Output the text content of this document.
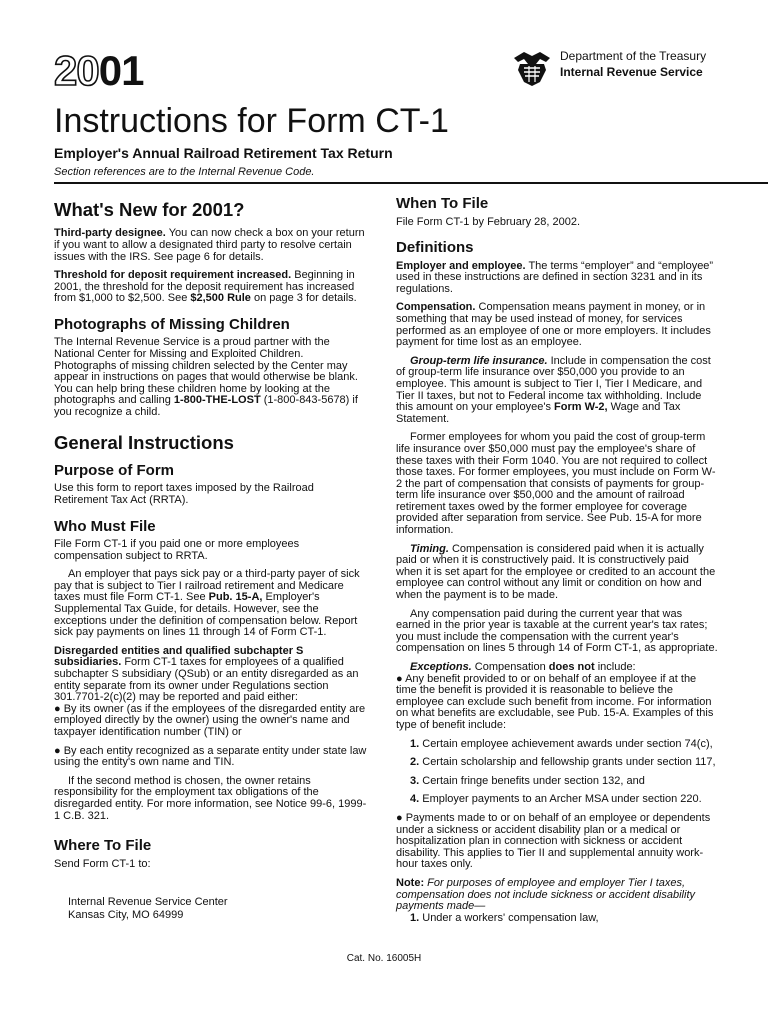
2001	Department of the Treasury
Internal Revenue Service
Instructions for Form CT-1
Employer's Annual Railroad Retirement Tax Return
Section references are to the Internal Revenue Code.
What's New for 2001?

Third-party designee. You can now check a box on your return if you want to allow a designated third party to resolve certain issues with the IRS. See page 6 for details.

Threshold for deposit requirement increased. Beginning in 2001, the threshold for the deposit requirement has increased from $1,000 to $2,500. See $2,500 Rule on page 3 for details.

Photographs of Missing Children

The Internal Revenue Service is a proud partner with the National Center for Missing and Exploited Children. Photographs of missing children selected by the Center may appear in instructions on pages that would otherwise be blank. You can help bring these children home by looking at the photographs and calling 1-800-THE-LOST (1-800-843-5678) if you recognize a child.

General Instructions
Purpose of Form

Use this form to report taxes imposed by the Railroad Retirement Tax Act (RRTA).

Who Must File

File Form CT-1 if you paid one or more employees compensation subject to RRTA.

An employer that pays sick pay or a third-party payer of sick pay that is subject to Tier I railroad retirement and Medicare taxes must file Form CT-1. See Pub. 15-A, Employer's Supplemental Tax Guide, for details. However, see the exceptions under the definition of compensation below. Report sick pay payments on lines 11 through 14 of Form CT-1.

Disregarded entities and qualified subchapter S subsidiaries. Form CT-1 taxes for employees of a qualified subchapter S subsidiary (QSub) or an entity disregarded as an entity separate from its owner under Regulations section 301.7701-2(c)(2) may be reported and paid either:

● By its owner (as if the employees of the disregarded entity are employed directly by the owner) using the owner's name and taxpayer identification number (TIN) or

● By each entity recognized as a separate entity under state law using the entity's own name and TIN.

If the second method is chosen, the owner retains responsibility for the employment tax obligations of the disregarded entity. For more information, see Notice 99-6, 1999-1 C.B. 321.

Where To File

Send Form CT-1 to:

Internal Revenue Service Center
Kansas City, MO 64999
When To File

File Form CT-1 by February 28, 2002.

Definitions

Employer and employee. The terms “employer” and “employee” used in these instructions are defined in section 3231 and in its regulations.

Compensation. Compensation means payment in money, or in something that may be used instead of money, for services performed as an employee of one or more employers. It includes payment for time lost as an employee.

Group-term life insurance. Include in compensation the cost of group-term life insurance over $50,000 you provide to an employee. This amount is subject to Tier I, Tier I Medicare, and Tier II taxes, but not to Federal income tax withholding. Include this amount on your employee's Form W-2, Wage and Tax Statement.

Former employees for whom you paid the cost of group-term life insurance over $50,000 must pay the employee's share of these taxes with their Form 1040. You are not required to collect those taxes. For former employees, you must include on Form W-2 the part of compensation that consists of payments for group-term life insurance over $50,000 and the amount of railroad retirement taxes owed by the former employee for coverage provided after separation from service. See Pub. 15-A for more information.

Timing. Compensation is considered paid when it is actually paid or when it is constructively paid. It is constructively paid when it is set apart for the employee or credited to an account the employee can control without any limit or condition on how and when the payment is to be made.

Any compensation paid during the current year that was earned in the prior year is taxable at the current year's tax rates; you must include the compensation with the current year's compensation on lines 5 through 14 of Form CT-1, as appropriate.

Exceptions. Compensation does not include:

● Any benefit provided to or on behalf of an employee if at the time the benefit is provided it is reasonable to believe the employee can exclude such benefit from income. For information on what benefits are excludable, see Pub. 15-A. Examples of this type of benefit include:

1. Certain employee achievement awards under section 74(c),

2. Certain scholarship and fellowship grants under section 117,

3. Certain fringe benefits under section 132, and

4. Employer payments to an Archer MSA under section 220.

● Payments made to or on behalf of an employee or dependents under a sickness or accident disability plan or a medical or hospitalization plan in connection with sickness or accident disability. This applies to Tier II and supplemental annuity work-hour taxes only.

Note: For purposes of employee and employer Tier I taxes, compensation does not include sickness or accident disability payments made—

1. Under a workers' compensation law,

Cat. No. 16005H
